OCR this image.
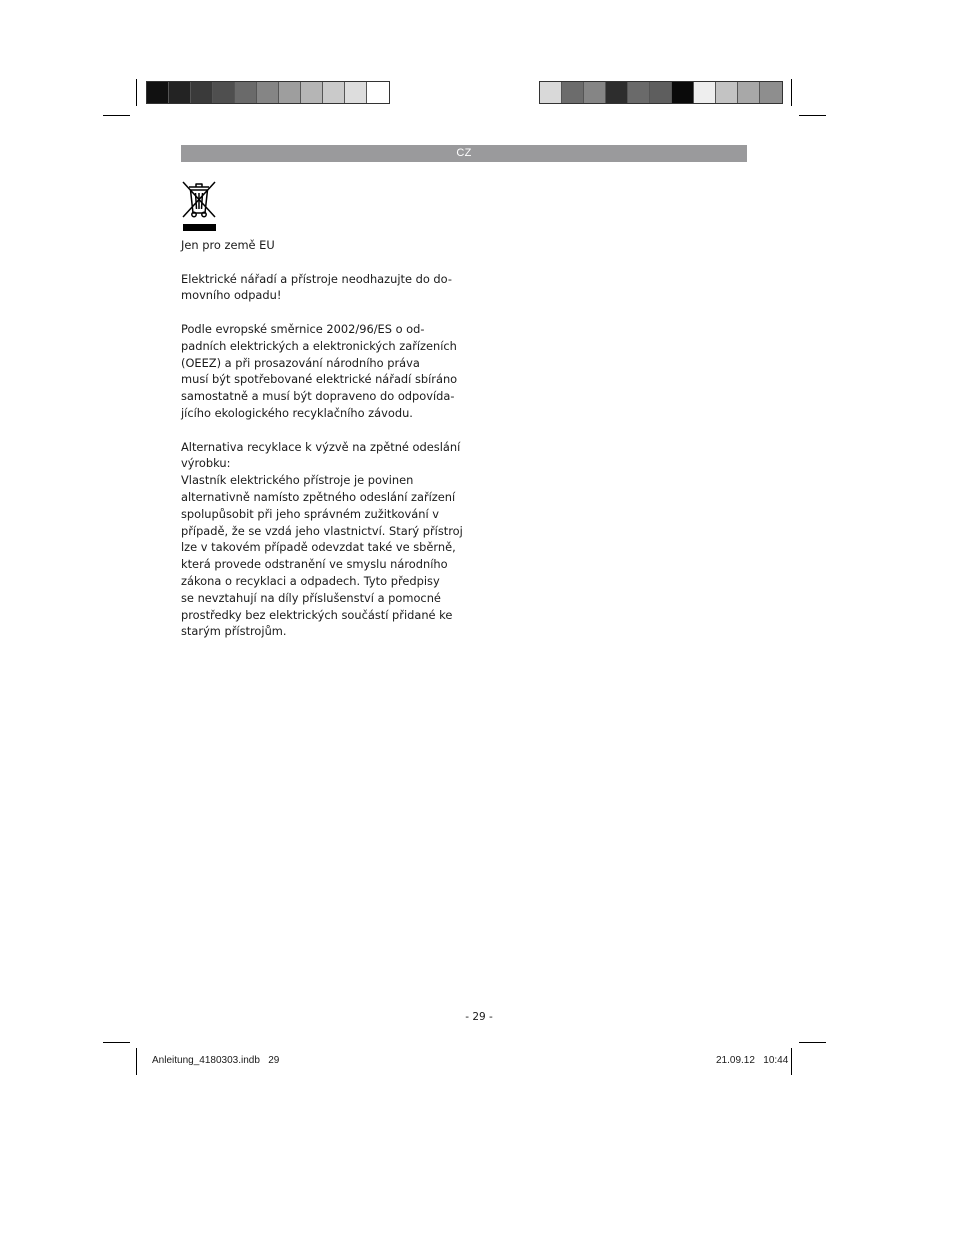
CZ
Jen pro země EU
Elektrické nářadí a přístroje neodhazujte do do-
movního odpadu!
Podle evropské směrnice 2002/96/ES o od-
padních elektrických a elektronických zařízeních
(OEEZ) a při prosazování národního práva
musí být spotřebované elektrické nářadí sbíráno
samostatně a musí být dopraveno do odpovída-
jícího ekologického recyklačního závodu.
Alternativa recyklace k výzvě na zpětné odeslání
výrobku:
Vlastník elektrického přístroje je povinen
alternativně namísto zpětného odeslání zařízení
spolupůsobit při jeho správném zužitkování v
případě, že se vzdá jeho vlastnictví. Starý přístroj
lze v takovém případě odevzdat také ve sběrně,
která provede odstranění ve smyslu národního
zákona o recyklaci a odpadech. Tyto předpisy
se nevztahují na díly příslušenství a pomocné
prostředky bez elektrických součástí přidané ke
starým přístrojům.
- 29 -
Anleitung_4180303.indb   29	21.09.12   10:44
